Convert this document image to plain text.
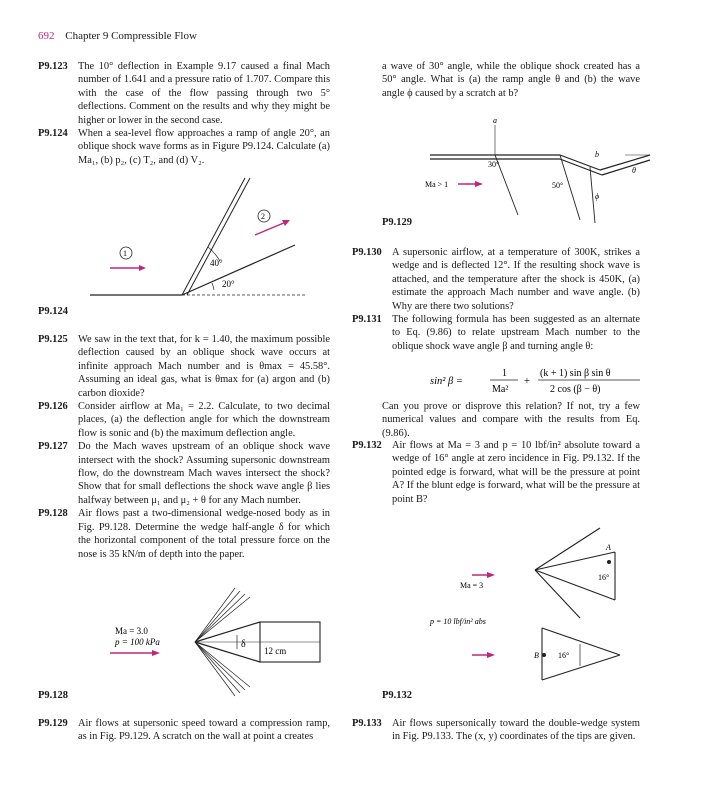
692 Chapter 9 Compressible Flow

P9.123 The 10° deflection in Example 9.17 caused a final Mach number of 1.641 and a pressure ratio of 1.707. Compare this with the case of the flow passing through two 5° deflections. Comment on the results and why they might be higher or lower in the second case.

P9.124 When a sea-level flow approaches a ramp of angle 20°, an oblique shock wave forms as in Figure P9.124. Calculate (a) Ma₁, (b) p₂, (c) T₂, and (d) V₂.

40°
20°
1
2
P9.124

P9.125 We saw in the text that, for k = 1.40, the maximum possible deflection caused by an oblique shock wave occurs at infinite approach Mach number and is θmax = 45.58°. Assuming an ideal gas, what is θmax for (a) argon and (b) carbon dioxide?

P9.126 Consider airflow at Ma₁ = 2.2. Calculate, to two decimal places, (a) the deflection angle for which the downstream flow is sonic and (b) the maximum deflection angle.

P9.127 Do the Mach waves upstream of an oblique shock wave intersect with the shock? Assuming supersonic downstream flow, do the downstream Mach waves intersect the shock? Show that for small deflections the shock wave angle β lies halfway between μ₁ and μ₂ + θ for any Mach number.

P9.128 Air flows past a two-dimensional wedge-nosed body as in Fig. P9.128. Determine the wedge half-angle δ for which the horizontal component of the total pressure force on the nose is 35 kN/m of depth into the paper.

δ
12 cm
Ma = 3.0
p = 100 kPa
P9.128

P9.129 Air flows at supersonic speed toward a compression ramp, as in Fig. P9.129. A scratch on the wall at point a creates

a wave of 30° angle, while the oblique shock created has a 50° angle. What is (a) the ramp angle θ and (b) the wave angle ϕ caused by a scratch at b?
a
30°
50°
b
θ
ϕ
Ma > 1
P9.129

P9.130 A supersonic airflow, at a temperature of 300K, strikes a wedge and is deflected 12°. If the resulting shock wave is attached, and the temperature after the shock is 450K, (a) estimate the approach Mach number and wave angle. (b) Why are there two solutions?

P9.131 The following formula has been suggested as an alternate to Eq. (9.86) to relate upstream Mach number to the oblique shock wave angle β and turning angle θ:

sin² β =
1
Ma²
+
(k + 1) sin β sin θ
2 cos (β − θ)
Can you prove or disprove this relation? If not, try a few numerical values and compare with the results from Eq. (9.86).

P9.132 Air flows at Ma = 3 and p = 10 lbf/in² absolute toward a wedge of 16° angle at zero incidence in Fig. P9.132. If the pointed edge is forward, what will be the pressure at point A? If the blunt edge is forward, what will be the pressure at point B?

A
16°
Ma = 3
p = 10 lbf/in² abs
B 16°
P9.132

P9.133 Air flows supersonically toward the double-wedge system in Fig. P9.133. The (x, y) coordinates of the tips are given.
